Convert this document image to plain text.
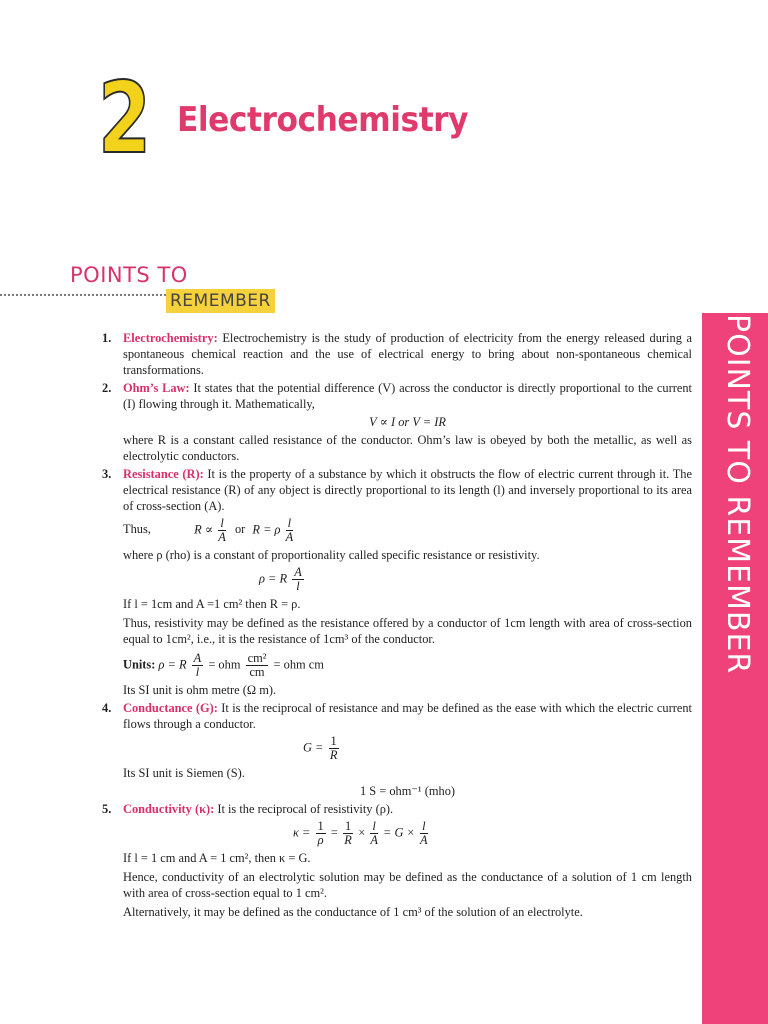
2 Electrochemistry
POINTS TO
REMEMBER
POINTS TO REMEMBER
1. Electrochemistry: Electrochemistry is the study of production of electricity from the energy released during a spontaneous chemical reaction and the use of electrical energy to bring about non-spontaneous chemical transformations.
2. Ohm’s Law: It states that the potential difference (V) across the conductor is directly proportional to the current (I) flowing through it. Mathematically,
V ∝ I or V = IR
where R is a constant called resistance of the conductor. Ohm’s law is obeyed by both the metallic, as well as electrolytic conductors.
3. Resistance (R): It is the property of a substance by which it obstructs the flow of electric current through it. The electrical resistance (R) of any object is directly proportional to its length (l) and inversely proportional to its area of cross-section (A).
Thus,	$R \propto \frac{l}{A}$ or R = ρ $\frac{l}{A}$
where ρ (rho) is a constant of proportionality called specific resistance or resistivity.
ρ = R $\frac{A}{l}$
If l = 1cm and A =1 cm² then R = ρ.
Thus, resistivity may be defined as the resistance offered by a conductor of 1cm length with area of cross-section equal to 1cm², i.e., it is the resistance of 1cm³ of the conductor.
Units: ρ = R $\frac{A}{l}$ = ohm $\frac{\text{cm²}}{cm}$ = ohm cm
Its SI unit is ohm metre (Ω m).
4. Conductance (G): It is the reciprocal of resistance and may be defined as the ease with which the electric current flows through a conductor.
$G = \frac{1}{R}$
Its SI unit is Siemen (S).
1 S = ohm⁻¹ (mho)
5. Conductivity (κ): It is the reciprocal of resistivity (ρ).
$\kappa = \frac{1}{\rho} = \frac{1}{R} \times \frac{l}{A} = G \times \frac{l}{A}$
If l = 1 cm and A = 1 cm², then κ = G.
Hence, conductivity of an electrolytic solution may be defined as the conductance of a solution of 1 cm length with area of cross-section equal to 1 cm².
Alternatively, it may be defined as the conductance of 1 cm³ of the solution of an electrolyte.
